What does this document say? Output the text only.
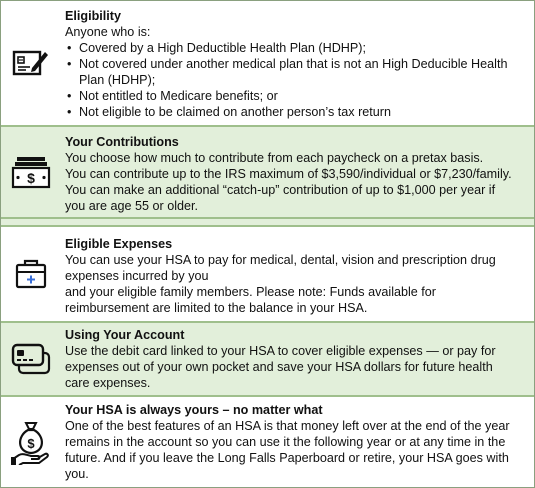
Eligibility
Anyone who is:
• Covered by a High Deductible Health Plan (HDHP);
• Not covered under another medical plan that is not an High Deducible Health
Plan (HDHP);
• Not entitled to Medicare benefits; or
• Not eligible to be claimed on another person’s tax return
$
Your Contributions
You choose how much to contribute from each paycheck on a pretax basis.
You can contribute up to the IRS maximum of $3,590/individual or $7,230/family.
You can make an additional “catch-up” contribution of up to $1,000 per year if
you are age 55 or older.
Eligible Expenses
You can use your HSA to pay for medical, dental, vision and prescription drug
expenses incurred by you
and your eligible family members. Please note: Funds available for
reimbursement are limited to the balance in your HSA.
Using Your Account
Use the debit card linked to your HSA to cover eligible expenses — or pay for
expenses out of your own pocket and save your HSA dollars for future health
care expenses.
$
Your HSA is always yours – no matter what
One of the best features of an HSA is that money left over at the end of the year
remains in the account so you can use it the following year or at any time in the
future. And if you leave the Long Falls Paperboard or retire, your HSA goes with
you.
